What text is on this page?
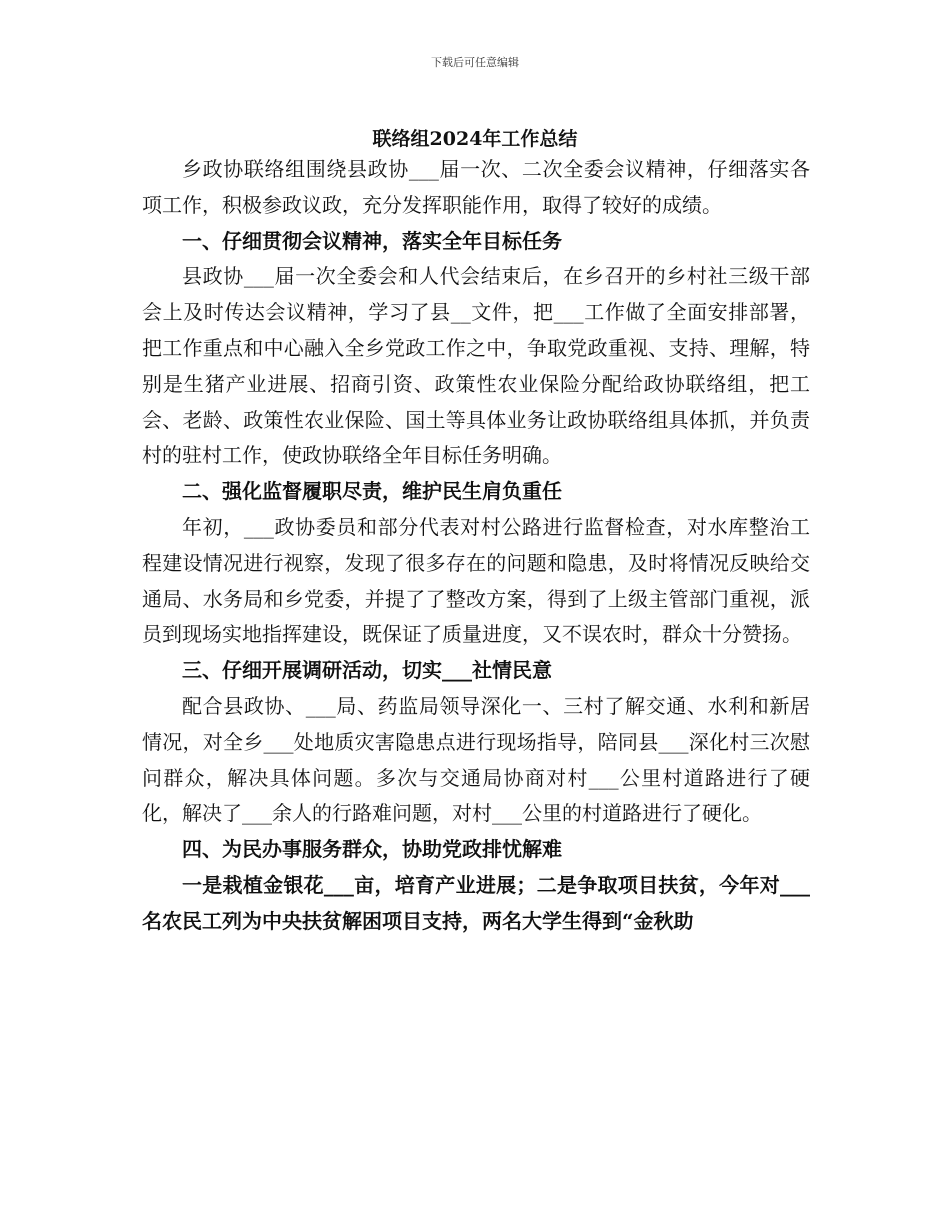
下载后可任意编辑
联络组2024年工作总结

乡政协联络组围绕县政协___届一次、二次全委会议精神，仔细落实各项工作，积极参政议政，充分发挥职能作用，取得了较好的成绩。

一、仔细贯彻会议精神，落实全年目标任务

县政协___届一次全委会和人代会结束后，在乡召开的乡村社三级干部会上及时传达会议精神，学习了县__文件，把___工作做了全面安排部署，把工作重点和中心融入全乡党政工作之中，争取党政重视、支持、理解，特别是生猪产业进展、招商引资、政策性农业保险分配给政协联络组，把工会、老龄、政策性农业保险、国土等具体业务让政协联络组具体抓，并负责村的驻村工作，使政协联络全年目标任务明确。

二、强化监督履职尽责，维护民生肩负重任

年初，___政协委员和部分代表对村公路进行监督检查，对水库整治工程建设情况进行视察，发现了很多存在的问题和隐患，及时将情况反映给交通局、水务局和乡党委，并提了了整改方案，得到了上级主管部门重视，派员到现场实地指挥建设，既保证了质量进度，又不误农时，群众十分赞扬。

三、仔细开展调研活动，切实___社情民意

配合县政协、___局、药监局领导深化一、三村了解交通、水利和新居情况，对全乡___处地质灾害隐患点进行现场指导，陪同县___深化村三次慰问群众，解决具体问题。多次与交通局协商对村___公里村道路进行了硬化，解决了___余人的行路难问题，对村___公里的村道路进行了硬化。

四、为民办事服务群众，协助党政排忧解难

一是栽植金银花___亩，培育产业进展；二是争取项目扶贫，今年对___名农民工列为中央扶贫解困项目支持，两名大学生得到“金秋助
